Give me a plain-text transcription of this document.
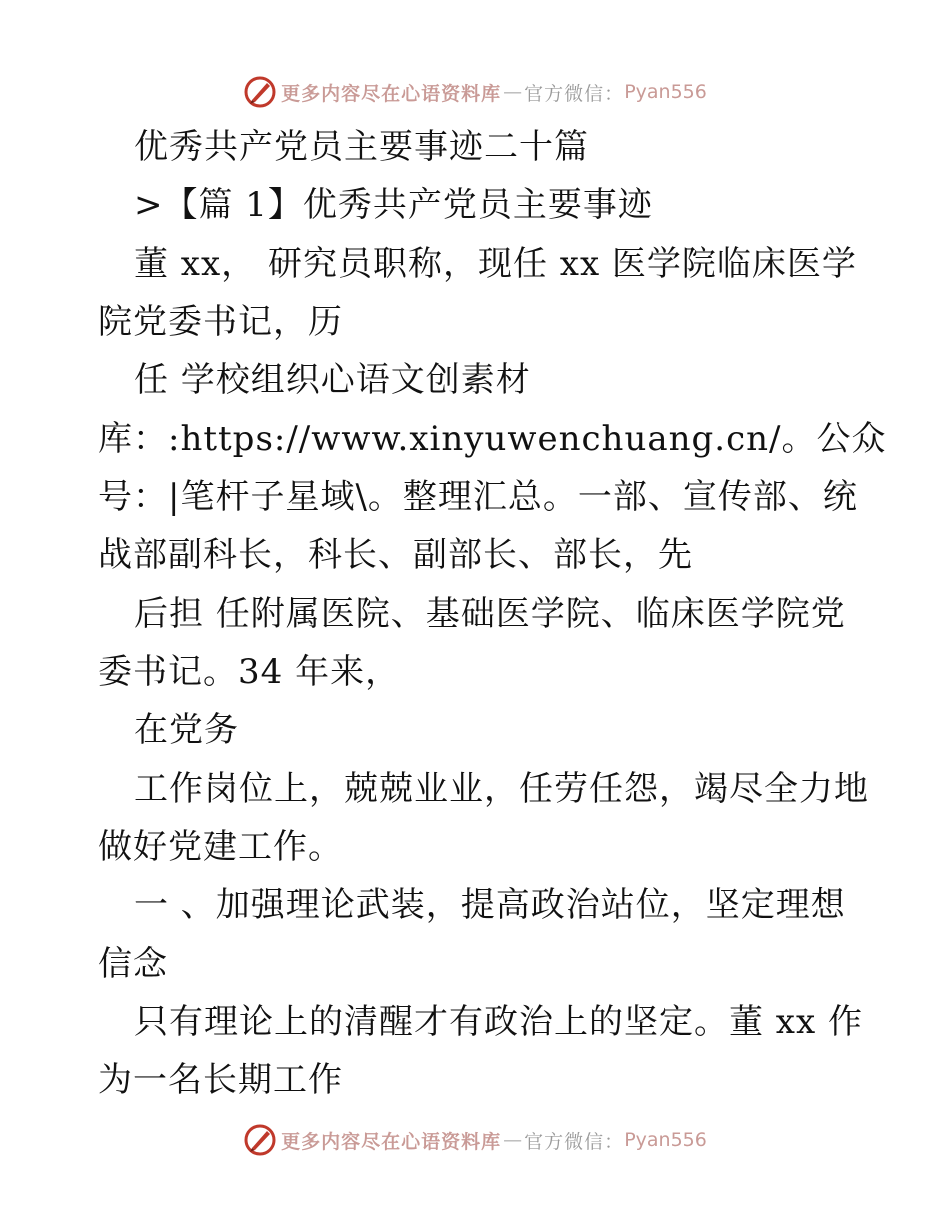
更多内容尽在心语资料库 — 官方微信： Pyan556
优秀共产党员主要事迹二十篇
>【篇 1】优秀共产党员主要事迹
董 xx， 研究员职称，现任 xx 医学院临床医学
院党委书记，历
任 学校组织心语文创素材
库：:https://www.xinyuwenchuang.cn/。公众
号：|笔杆子星域\。整理汇总。一部、宣传部、统
战部副科长，科长、副部长、部长，先
后担 任附属医院、基础医学院、临床医学院党
委书记。34 年来，
在党务
工作岗位上，兢兢业业，任劳任怨，竭尽全力地
做好党建工作。
一 、加强理论武装，提高政治站位，坚定理想
信念
只有理论上的清醒才有政治上的坚定。董 xx 作
为一名长期工作
更多内容尽在心语资料库 — 官方微信： Pyan556
